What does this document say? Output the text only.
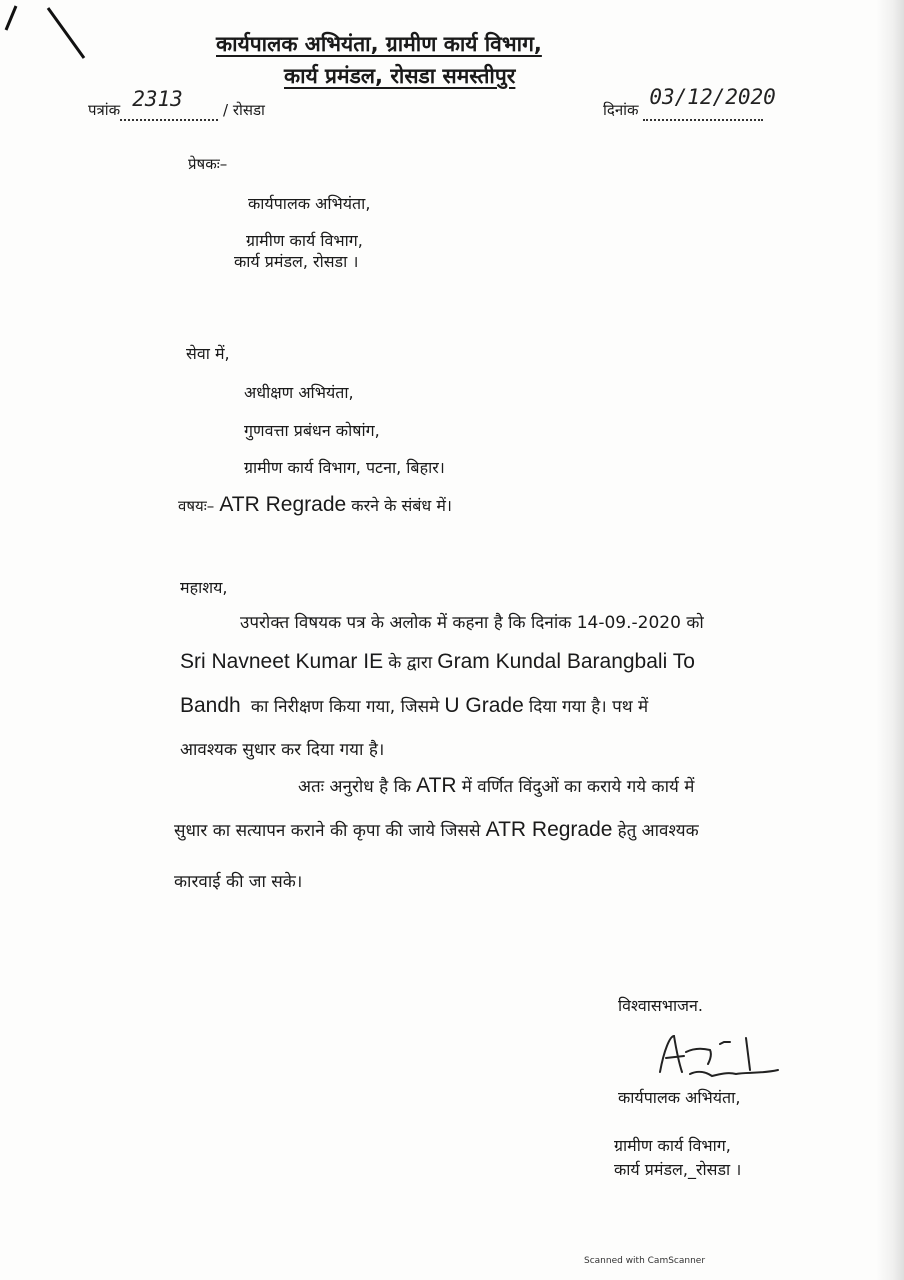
कार्यपालक अभियंता, ग्रामीण कार्य विभाग,
कार्य प्रमंडल, रोसडा समस्तीपुर
पत्रांक 2313	/ रोसडा	दिनांक
03/12/2020

प्रेषकः–
कार्यपालक अभियंता,
ग्रामीण कार्य विभाग,
कार्य प्रमंडल, रोसडा ।
सेवा में,
अधीक्षण अभियंता,
गुणवत्ता प्रबंधन कोषांग,
ग्रामीण कार्य विभाग, पटना, बिहार।
वषयः– ATR Regrade करने के संबंध में।
महाशय,
उपरोक्त विषयक पत्र के अलोक में कहना है कि दिनांक 14-09.-2020 को
Sri Navneet Kumar IE के द्वारा Gram Kundal Barangbali To
Bandh का निरीक्षण किया गया, जिसमे U Grade दिया गया है। पथ में
आवश्यक सुधार कर दिया गया है।
अतः अनुरोध है कि ATR में वर्णित विंदुओं का कराये गये कार्य में
सुधार का सत्यापन कराने की कृपा की जाये जिससे ATR Regrade हेतु आवश्यक
कारवाई की जा सके।
विश्वासभाजन.
कार्यपालक अभियंता,
ग्रामीण कार्य विभाग,
कार्य प्रमंडल,_रोसडा ।
Scanned with CamScanner
